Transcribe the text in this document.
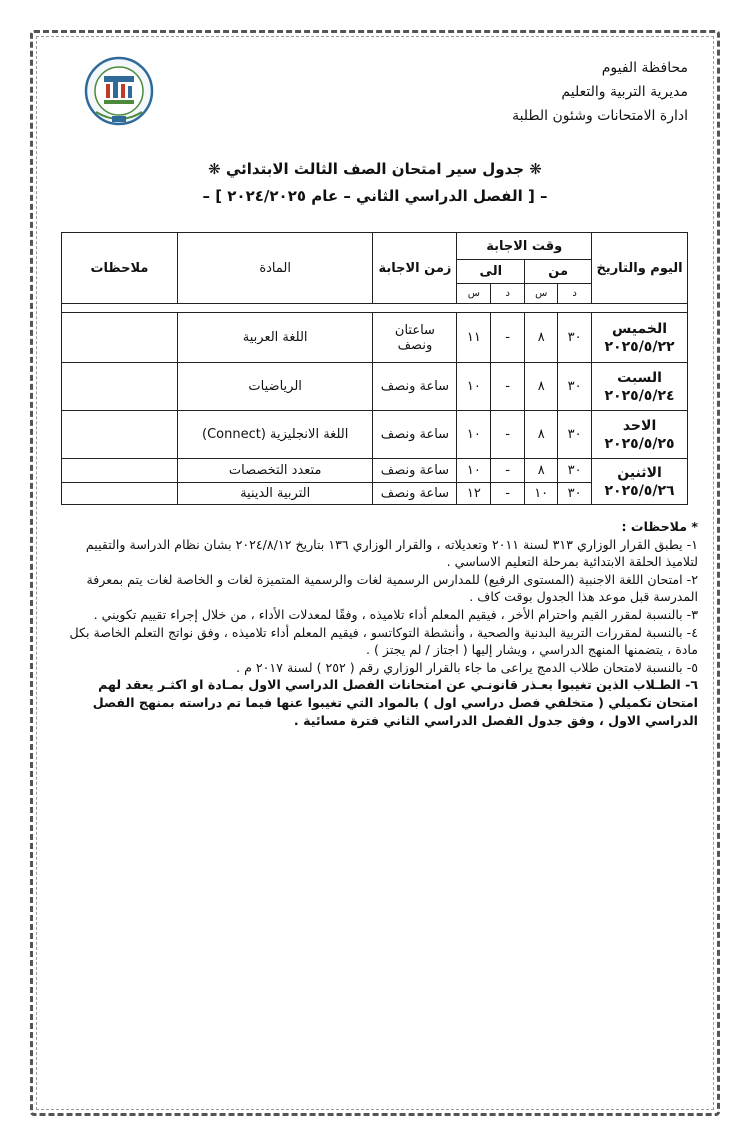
محافظة الفيوم
مديرية التربية والتعليم
ادارة الامتحانات وشئون الطلبة
❋ جدول سير امتحان الصف الثالث الابتدائي ❋
– [ الفصل الدراسي الثاني – عام ٢٠٢٤/٢٠٢٥ ] –
اليوم والتاريخ	وقت الاجابة				زمن الاجابة	المادة	ملاحظات
	من		الى				
	د	س	د	س			

الخميس
٢٠٢٥/٥/٢٢	٣٠	٨	-	١١	ساعتان ونصف	اللغة العربية	

السبت
٢٠٢٥/٥/٢٤	٣٠	٨	-	١٠	ساعة ونصف	الرياضيات	

الاحد
٢٠٢٥/٥/٢٥	٣٠	٨	-	١٠	ساعة ونصف	اللغة الانجليزية (Connect)	

الاثنين
٢٠٢٥/٥/٢٦	٣٠	٨	-	١٠	ساعة ونصف	متعدد التخصصات	
	٣٠	١٠	-	١٢	ساعة ونصف	التربية الدينية	

* ملاحظات :

١- يطبق القرار الوزاري ٣١٣ لسنة ٢٠١١ وتعديلاته ، والقرار الوزاري ١٣٦ بتاريخ ٢٠٢٤/٨/١٢ بشان نظام الدراسة والتقييم لتلاميذ الحلقة الابتدائية بمرحلة التعليم الاساسي .

٢- امتحان اللغة الاجنبية (المستوى الرفيع) للمدارس الرسمية لغات والرسمية المتميزة لغات و الخاصة لغات يتم بمعرفة المدرسة قبل موعد هذا الجدول بوقت كاف .

٣- بالنسبة لمقرر القيم واحترام الأخر ، فيقيم المعلم أداء تلاميذه ، وفقًا لمعدلات الأداء ، من خلال إجراء تقييم تكويني .

٤- بالنسبة لمقررات التربية البدنية والصحية ، وأنشطة التوكاتسو ، فيقيم المعلم أداء تلاميذه ، وفق نواتج التعلم الخاصة بكل مادة ، يتضمنها المنهج الدراسي ، ويشار إليها ( اجتاز / لم يجتز ) .

٥- بالنسبة لامتحان طلاب الدمج يراعى ما جاء بالقرار الوزاري رقم ( ٢٥٢ ) لسنة ٢٠١٧ م .

٦- الطـلاب الذين تغيبوا بعـذر قانونـي عن امتحانات الفصل الدراسي الاول بمـادة او اكثـر يعقد لهم امتحان تكميلي ( متخلفي فصل دراسي اول ) بالمواد التي تغيبوا عنها فيما تم دراسته بمنهج الفصل الدراسي الاول ، وفق جدول الفصل الدراسي الثاني فترة مسائية .
